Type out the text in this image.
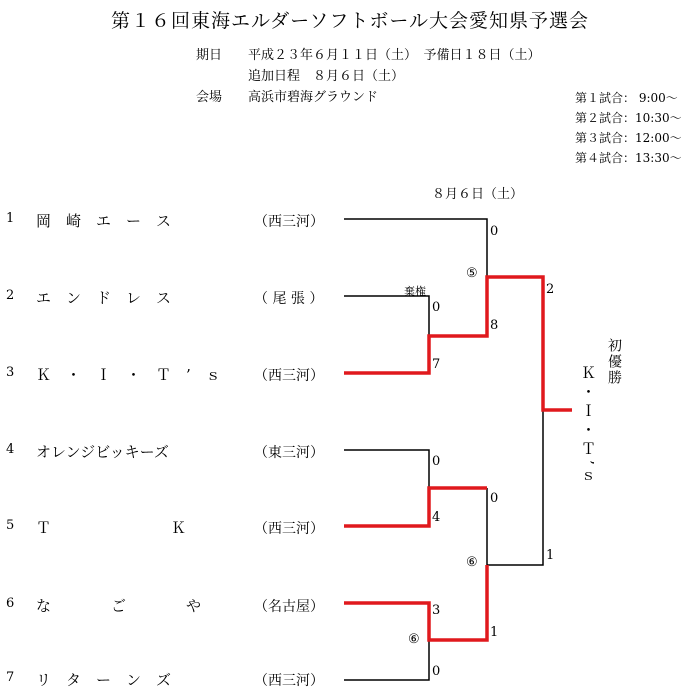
第１６回東海エルダーソフトボール大会愛知県予選会
期日 平成２３年６月１１日（土）　予備日１８日（土）
追加日程　８月６日（土）
会場 高浜市碧海グラウンド	第１試合： 9:00～
第２試合：10:30～
第３試合：12:00～
第４試合：13:30～
８月６日（土）
1 岡　崎　エ　ー　ス	（西三河）
2 エ　ン　ド　レ　ス	（ 尾 張 ）
3 Ｋ　・　Ｉ　・　Ｔ　’　ｓ （西三河）
4 オレンジビッキーズ	（東三河）
5 Ｔ　　　　　　　　Ｋ	（西三河）
6 な　　　　ご　　　　や	（名古屋）
7 リ　タ　ー　ン　ズ	（西三河）
棄権
⑤
⑥
⑥
0
7
0
8
0
4
0
3
0
1
2
1
初優勝
Ｋ・Ｉ・Ｔ’ｓ
